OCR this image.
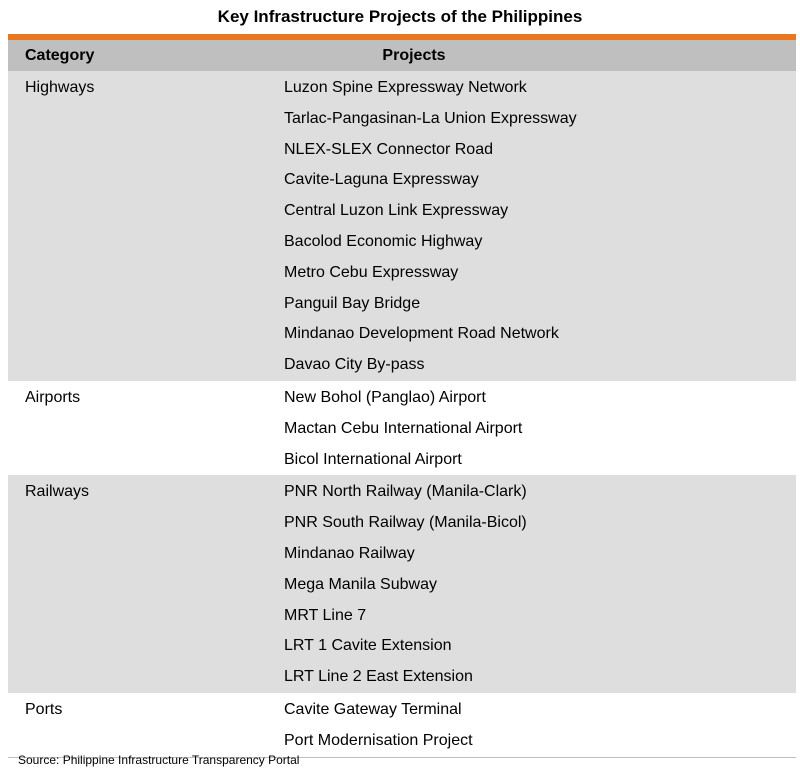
Key Infrastructure Projects of the Philippines
Category	Projects
Highways	Luzon Spine Expressway Network
Tarlac-Pangasinan-La Union Expressway
NLEX-SLEX Connector Road
Cavite-Laguna Expressway
Central Luzon Link Expressway
Bacolod Economic Highway
Metro Cebu Expressway
Panguil Bay Bridge
Mindanao Development Road Network
Davao City By-pass
Airports	New Bohol (Panglao) Airport
Mactan Cebu International Airport
Bicol International Airport
Railways	PNR North Railway (Manila-Clark)
PNR South Railway (Manila-Bicol)
Mindanao Railway
Mega Manila Subway
MRT Line 7
LRT 1 Cavite Extension
LRT Line 2 East Extension
Ports	Cavite Gateway Terminal
Port Modernisation Project
Source: Philippine Infrastructure Transparency Portal
